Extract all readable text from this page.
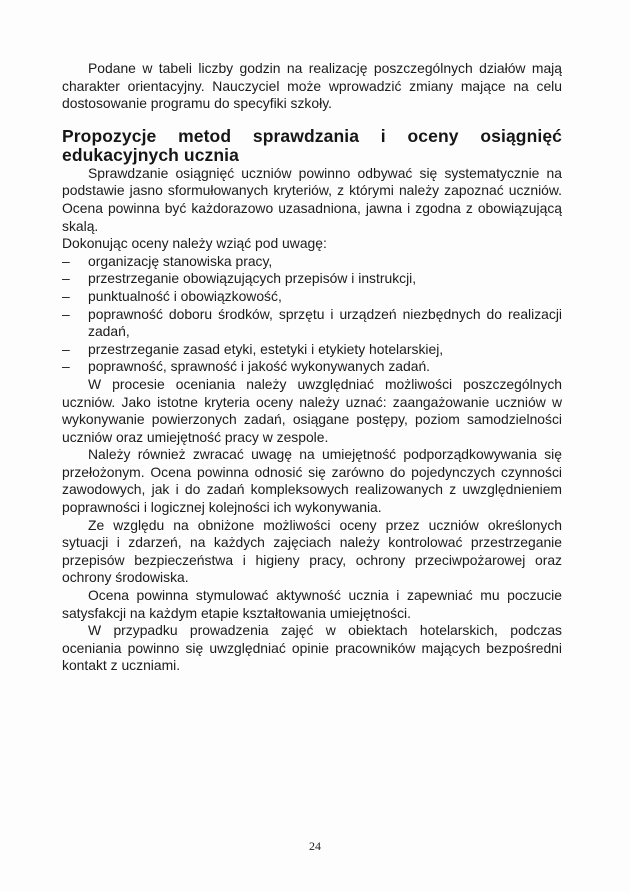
Podane w tabeli liczby godzin na realizację poszczególnych działów mają charakter orientacyjny. Nauczyciel może wprowadzić zmiany mające na celu dostosowanie programu do specyfiki szkoły.

Propozycje metod sprawdzania i oceny osiągnięć edukacyjnych ucznia

Sprawdzanie osiągnięć uczniów powinno odbywać się systematycznie na podstawie jasno sformułowanych kryteriów, z którymi należy zapoznać uczniów. Ocena powinna być każdorazowo uzasadniona, jawna i zgodna z obowiązującą skalą.

Dokonując oceny należy wziąć pod uwagę:

– organizację stanowiska pracy,
– przestrzeganie obowiązujących przepisów i instrukcji,
– punktualność i obowiązkowość,
– poprawność doboru środków, sprzętu i urządzeń niezbędnych do realizacji zadań,
– przestrzeganie zasad etyki, estetyki i etykiety hotelarskiej,
– poprawność, sprawność i jakość wykonywanych zadań.

W procesie oceniania należy uwzględniać możliwości poszczególnych uczniów. Jako istotne kryteria oceny należy uznać: zaangażowanie uczniów w wykonywanie powierzonych zadań, osiągane postępy, poziom samodzielności uczniów oraz umiejętność pracy w zespole.

Należy również zwracać uwagę na umiejętność podporządkowywania się przełożonym. Ocena powinna odnosić się zarówno do pojedynczych czynności zawodowych, jak i do zadań kompleksowych realizowanych z uwzględnieniem poprawności i logicznej kolejności ich wykonywania.

Ze względu na obniżone możliwości oceny przez uczniów określonych sytuacji i zdarzeń, na każdych zajęciach należy kontrolować przestrzeganie przepisów bezpieczeństwa i higieny pracy, ochrony przeciwpożarowej oraz ochrony środowiska.

Ocena powinna stymulować aktywność ucznia i zapewniać mu poczucie satysfakcji na każdym etapie kształtowania umiejętności.

W przypadku prowadzenia zajęć w obiektach hotelarskich, podczas oceniania powinno się uwzględniać opinie pracowników mających bezpośredni kontakt z uczniami.

24
